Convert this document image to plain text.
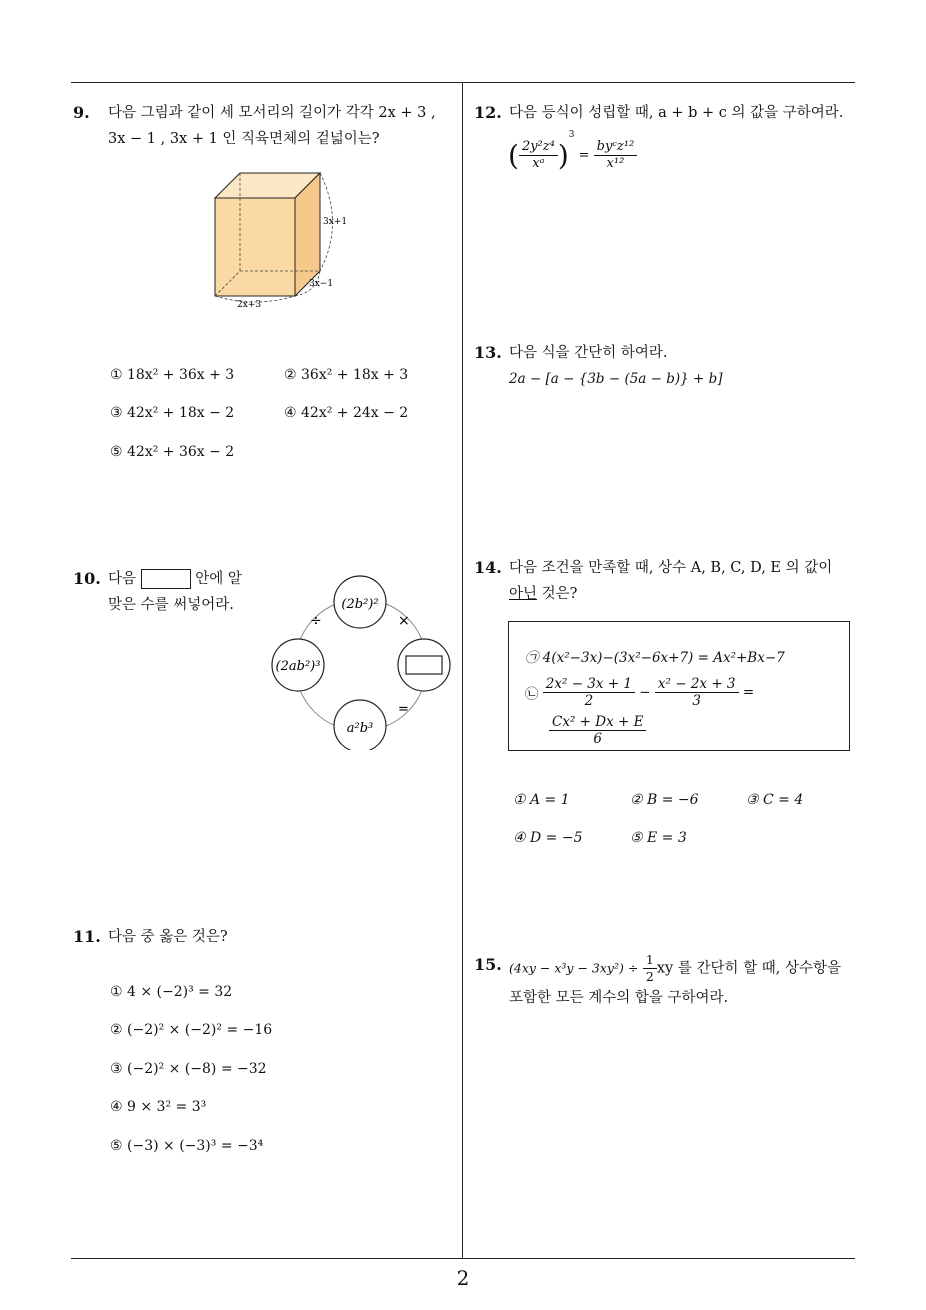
9. 다음 그림과 같이 세 모서리의 길이가 각각 2x + 3 ,
3x − 1 , 3x + 1 인 직육면체의 겉넓이는?
3x+1
3x−1
2x+3
① 18x² + 36x + 3	② 36x² + 18x + 3
③ 42x² + 18x − 2	④ 42x² + 24x − 2
⑤ 42x² + 36x − 2
10. 다음	안에 알
맞은 수를 써넣어라.	(2b²)²
(2ab²)³
a²b³
÷	×
=
11. 다음 중 옳은 것은?
① 4 × (−2)³ = 32
② (−2)² × (−2)² = −16
③ (−2)² × (−8) = −32
④ 9 × 3² = 3³
⑤ (−3) × (−3)³ = −3⁴
12. 다음 등식이 성립할 때, a + b + c 의 값을 구하여라.
( $\frac{\text{2y²z⁴}}{\text{xᵃ}} )^3 = \frac{\text{byᶜz¹²}}{\text{x¹²}}$
13. 다음 식을 간단히 하여라.
2a − [a − {3b − (5a − b)} + b]
14. 다음 조건을 만족할 때, 상수 A, B, C, D, E 의 값이
아닌 것은?
㉠ 4(x²−3x)−(3x²−6x+7) = Ax²+Bx−7
㉡ $\frac{\text{2x² − 3x + 1}}{2} - \frac{\text{x² − 2x + 3}}{3}$ =
$\frac{\text{Cx² + Dx + E}}{6}$
① A = 1	② B = −6	③ C = 4
④ D = −5	⑤ E = 3
15. $(4xy - x^3y - 3xy^2) \div \frac{1}{2}$ xy 를 간단히 할 때, 상수항을
포함한 모든 계수의 합을 구하여라.
2
